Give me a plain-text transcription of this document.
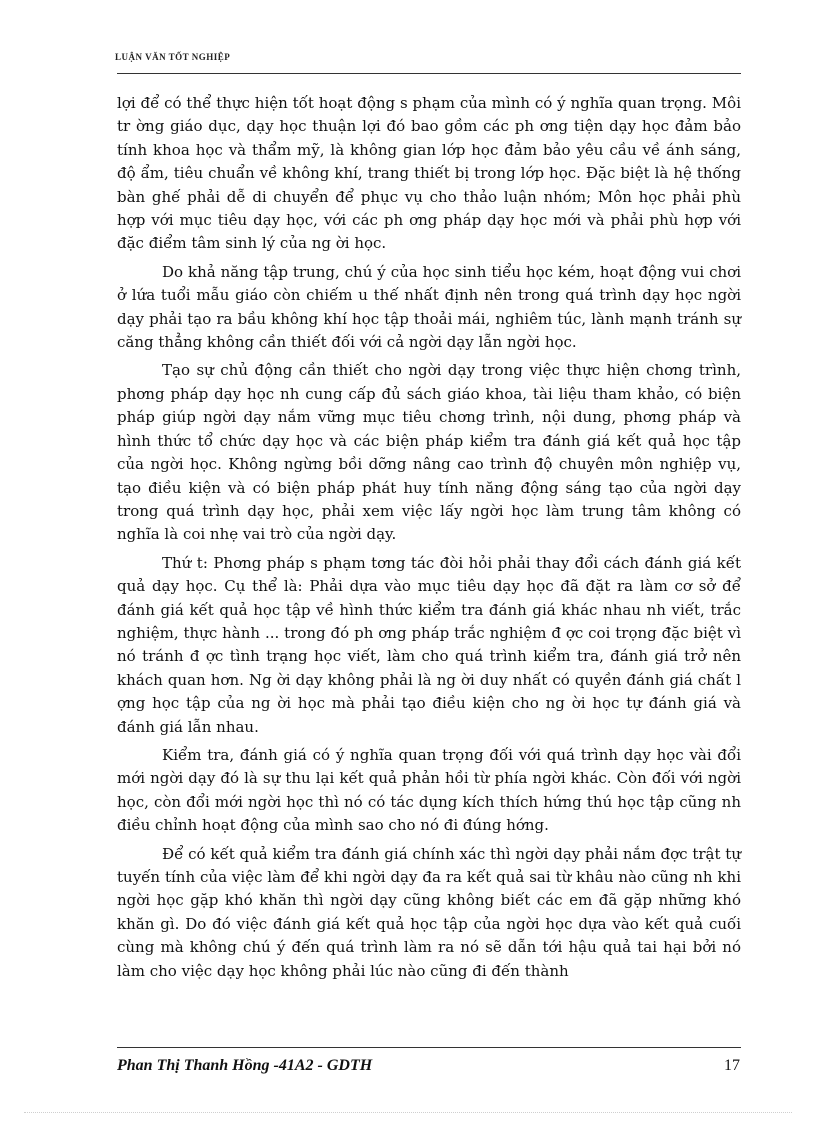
LUẬN VĂN TỐT NGHIỆP

lợi để có thể thực hiện tốt hoạt động s phạm của mình có ý nghĩa quan trọng. Môi tr ờng giáo dục, dạy học thuận lợi đó bao gồm các ph ơng tiện dạy học đảm bảo tính khoa học và thẩm mỹ, là không gian lớp học đảm bảo yêu cầu về ánh sáng, độ ẩm, tiêu chuẩn về không khí, trang thiết bị trong lớp học. Đặc biệt là hệ thống bàn ghế phải dễ di chuyển để phục vụ cho thảo luận nhóm; Môn học phải phù hợp với mục tiêu dạy học, với các ph ơng pháp dạy học mới và phải phù hợp với đặc điểm tâm sinh lý của ng ời học.

Do khả năng tập trung, chú ý của học sinh tiểu học kém, hoạt động vui chơi ở lứa tuổi mẫu giáo còn chiếm u thế nhất định nên trong quá trình dạy học ngời dạy phải tạo ra bầu không khí học tập thoải mái, nghiêm túc, lành mạnh tránh sự căng thẳng không cần thiết đối với cả ngời dạy lẫn ngời học.

Tạo sự chủ động cần thiết cho ngời dạy trong việc thực hiện chơng trình, phơng pháp dạy học nh cung cấp đủ sách giáo khoa, tài liệu tham khảo, có biện pháp giúp ngời dạy nắm vững mục tiêu chơng trình, nội dung, phơng pháp và hình thức tổ chức dạy học và các biện pháp kiểm tra đánh giá kết quả học tập của ngời học. Không ngừng bồi dỡng nâng cao trình độ chuyên môn nghiệp vụ, tạo điều kiện và có biện pháp phát huy tính năng động sáng tạo của ngời dạy trong quá trình dạy học, phải xem việc lấy ngời học làm trung tâm không có nghĩa là coi nhẹ vai trò của ngời dạy.

Thứ t: Phơng pháp s phạm tơng tác đòi hỏi phải thay đổi cách đánh giá kết quả dạy học. Cụ thể là: Phải dựa vào mục tiêu dạy học đã đặt ra làm cơ sở để đánh giá kết quả học tập về hình thức kiểm tra đánh giá khác nhau nh viết, trắc nghiệm, thực hành ... trong đó ph ơng pháp trắc nghiệm đ ợc coi trọng đặc biệt vì nó tránh đ ợc tình trạng học viết, làm cho quá trình kiểm tra, đánh giá trở nên khách quan hơn. Ng ời dạy không phải là ng ời duy nhất có quyền đánh giá chất l ợng học tập của ng ời học mà phải tạo điều kiện cho ng ời học tự đánh giá và đánh giá lẫn nhau.

Kiểm tra, đánh giá có ý nghĩa quan trọng đối với quá trình dạy học vài đổi mới ngời dạy đó là sự thu lại kết quả phản hồi từ phía ngời khác. Còn đối với ngời học, còn đổi mới ngời học thì nó có tác dụng kích thích hứng thú học tập cũng nh điều chỉnh hoạt động của mình sao cho nó đi đúng hớng.

Để có kết quả kiểm tra đánh giá chính xác thì ngời dạy phải nắm đợc trật tự tuyến tính của việc làm để khi ngời dạy đa ra kết quả sai từ khâu nào cũng nh khi ngời học gặp khó khăn thì ngời dạy cũng không biết các em đã gặp những khó khăn gì. Do đó việc đánh giá kết quả học tập của ngời học dựa vào kết quả cuối cùng mà không chú ý đến quá trình làm ra nó sẽ dẫn tới hậu quả tai hại bởi nó làm cho việc dạy học không phải lúc nào cũng đi đến thành

Phan Thị Thanh Hồng -41A2 - GDTH	17
